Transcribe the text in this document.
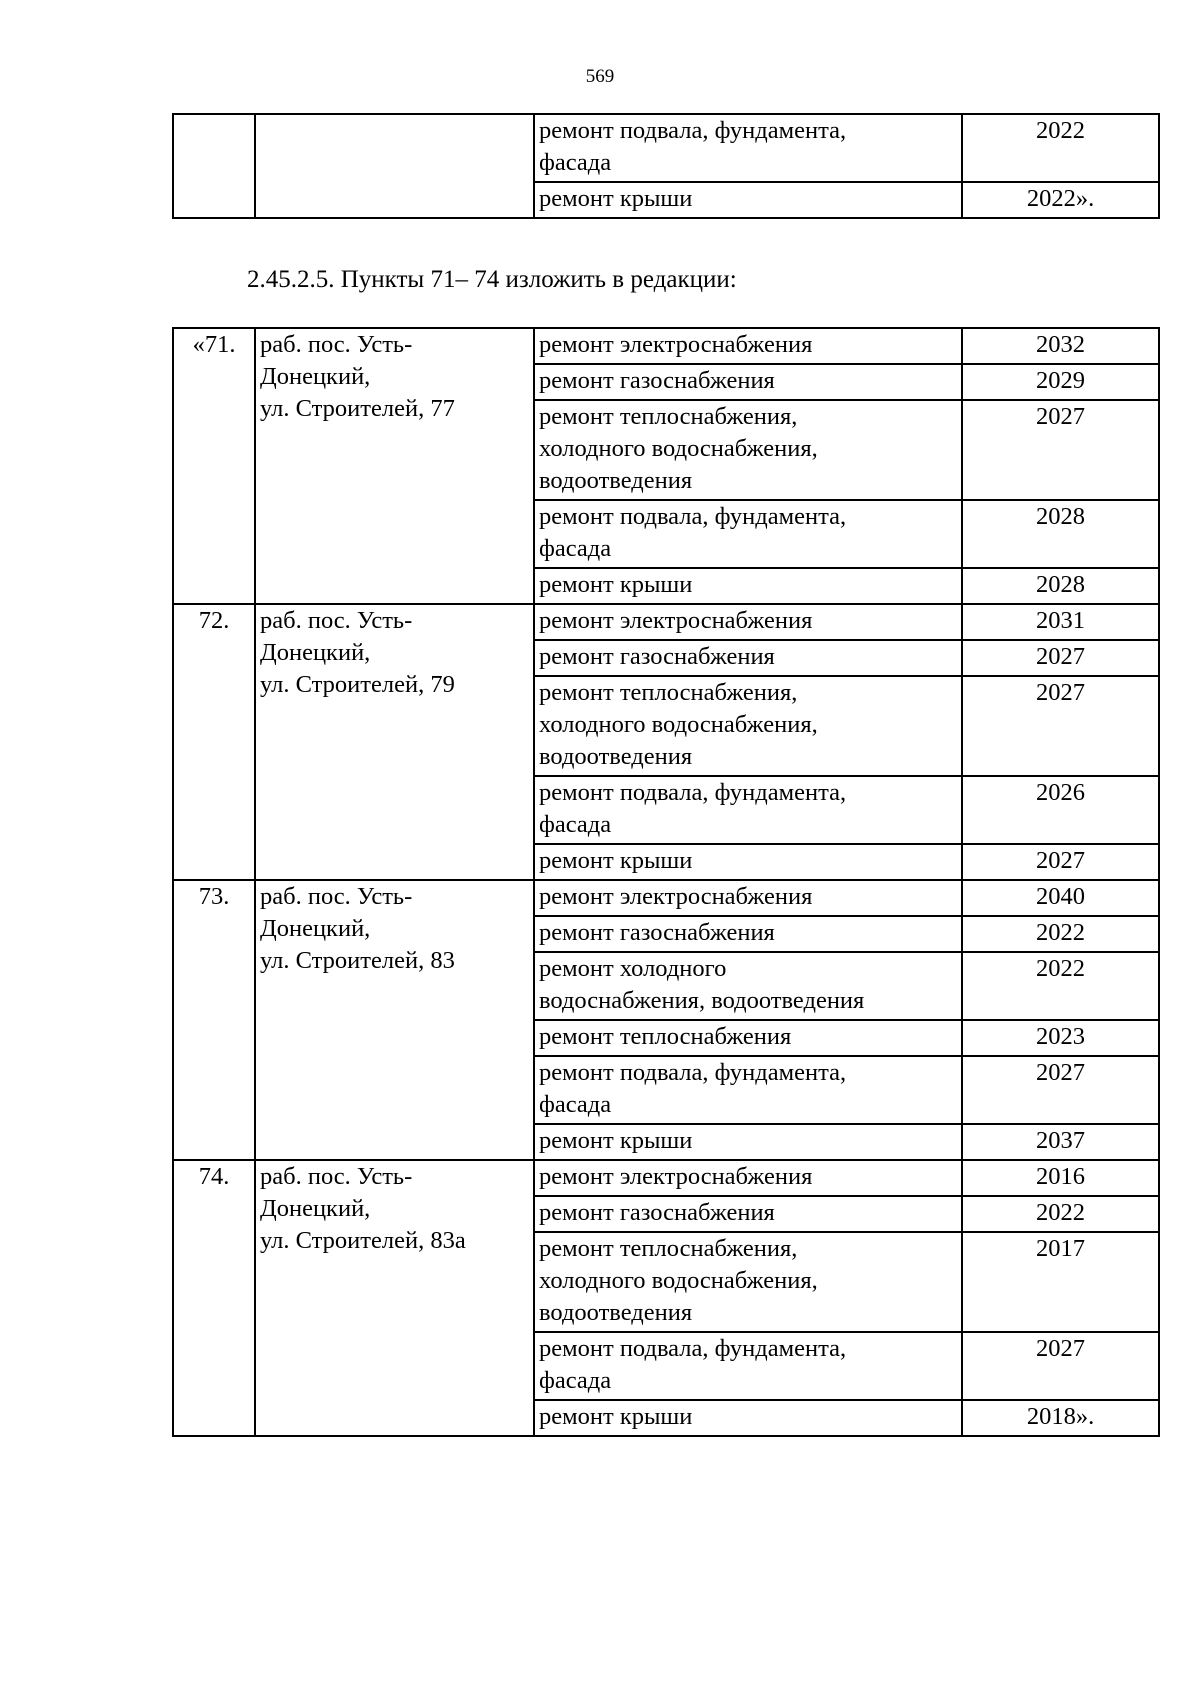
569
		ремонт подвала, фундамента,
фасада	2022
		ремонт крыши	2022».
2.45.2.5. Пункты 71– 74 изложить в редакции:
«71.	раб. пос. Усть-
Донецкий,
ул. Строителей, 77	ремонт электроснабжения	2032
		ремонт газоснабжения	2029
		ремонт теплоснабжения,
холодного водоснабжения,
водоотведения	2027
		ремонт подвала, фундамента,
фасада	2028
		ремонт крыши	2028
72.	раб. пос. Усть-
Донецкий,
ул. Строителей, 79	ремонт электроснабжения	2031
		ремонт газоснабжения	2027
		ремонт теплоснабжения,
холодного водоснабжения,
водоотведения	2027
		ремонт подвала, фундамента,
фасада	2026
		ремонт крыши	2027
73.	раб. пос. Усть-
Донецкий,
ул. Строителей, 83	ремонт электроснабжения	2040
		ремонт газоснабжения	2022
		ремонт холодного
водоснабжения, водоотведения	2022
		ремонт теплоснабжения	2023
		ремонт подвала, фундамента,
фасада	2027
		ремонт крыши	2037
74.	раб. пос. Усть-
Донецкий,
ул. Строителей, 83а	ремонт электроснабжения	2016
		ремонт газоснабжения	2022
		ремонт теплоснабжения,
холодного водоснабжения,
водоотведения	2017
		ремонт подвала, фундамента,
фасада	2027
		ремонт крыши	2018».
